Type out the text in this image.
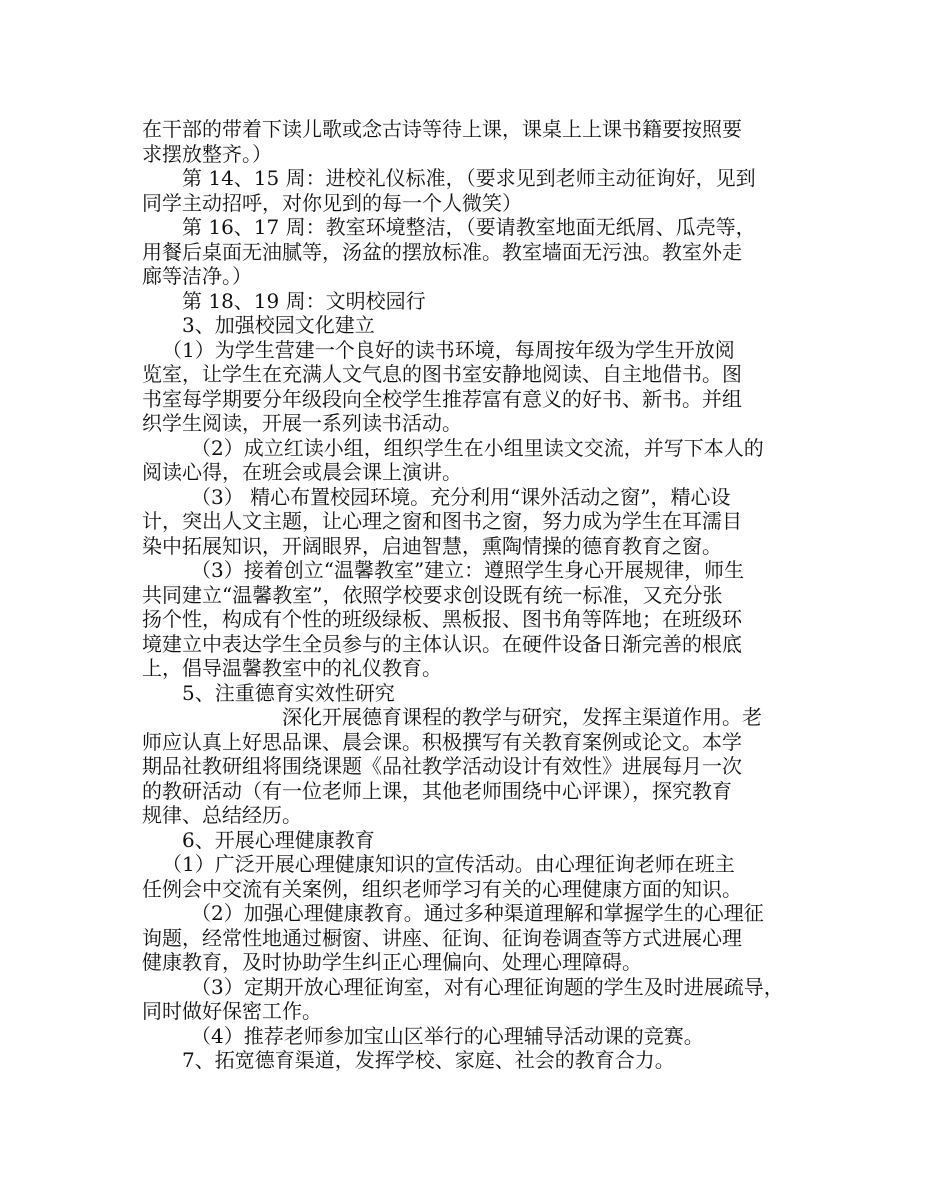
在干部的带着下读儿歌或念古诗等待上课，课桌上上课书籍要按照要
求摆放整齐。）
第 14、15 周：进校礼仪标准，（要求见到老师主动征询好，见到
同学主动招呼，对你见到的每一个人微笑）
第 16、17 周：教室环境整洁，（要请教室地面无纸屑、瓜壳等，
用餐后桌面无油腻等，汤盆的摆放标准。教室墙面无污浊。教室外走
廊等洁净。）
第 18、19 周：文明校园行
3、加强校园文化建立
（1）为学生营建一个良好的读书环境，每周按年级为学生开放阅
览室，让学生在充满人文气息的图书室安静地阅读、自主地借书。图
书室每学期要分年级段向全校学生推荐富有意义的好书、新书。并组
织学生阅读，开展一系列读书活动。
（2）成立红读小组，组织学生在小组里读文交流，并写下本人的
阅读心得，在班会或晨会课上演讲。
（3） 精心布置校园环境。充分利用“课外活动之窗”，精心设
计，突出人文主题，让心理之窗和图书之窗，努力成为学生在耳濡目
染中拓展知识，开阔眼界，启迪智慧，熏陶情操的德育教育之窗。
（3）接着创立“温馨教室”建立：遵照学生身心开展规律，师生
共同建立“温馨教室”，依照学校要求创设既有统一标准，又充分张
扬个性，构成有个性的班级绿板、黑板报、图书角等阵地；在班级环
境建立中表达学生全员参与的主体认识。在硬件设备日渐完善的根底
上，倡导温馨教室中的礼仪教育。
5、注重德育实效性研究
深化开展德育课程的教学与研究，发挥主渠道作用。老
师应认真上好思品课、晨会课。积极撰写有关教育案例或论文。本学
期品社教研组将围绕课题《品社教学活动设计有效性》进展每月一次
的教研活动（有一位老师上课，其他老师围绕中心评课），探究教育
规律、总结经历。
6、开展心理健康教育
（1）广泛开展心理健康知识的宣传活动。由心理征询老师在班主
任例会中交流有关案例，组织老师学习有关的心理健康方面的知识。
（2）加强心理健康教育。通过多种渠道理解和掌握学生的心理征
询题，经常性地通过橱窗、讲座、征询、征询卷调查等方式进展心理
健康教育，及时协助学生纠正心理偏向、处理心理障碍。
（3）定期开放心理征询室，对有心理征询题的学生及时进展疏导，
同时做好保密工作。
（4）推荐老师参加宝山区举行的心理辅导活动课的竞赛。
7、拓宽德育渠道，发挥学校、家庭、社会的教育合力。
